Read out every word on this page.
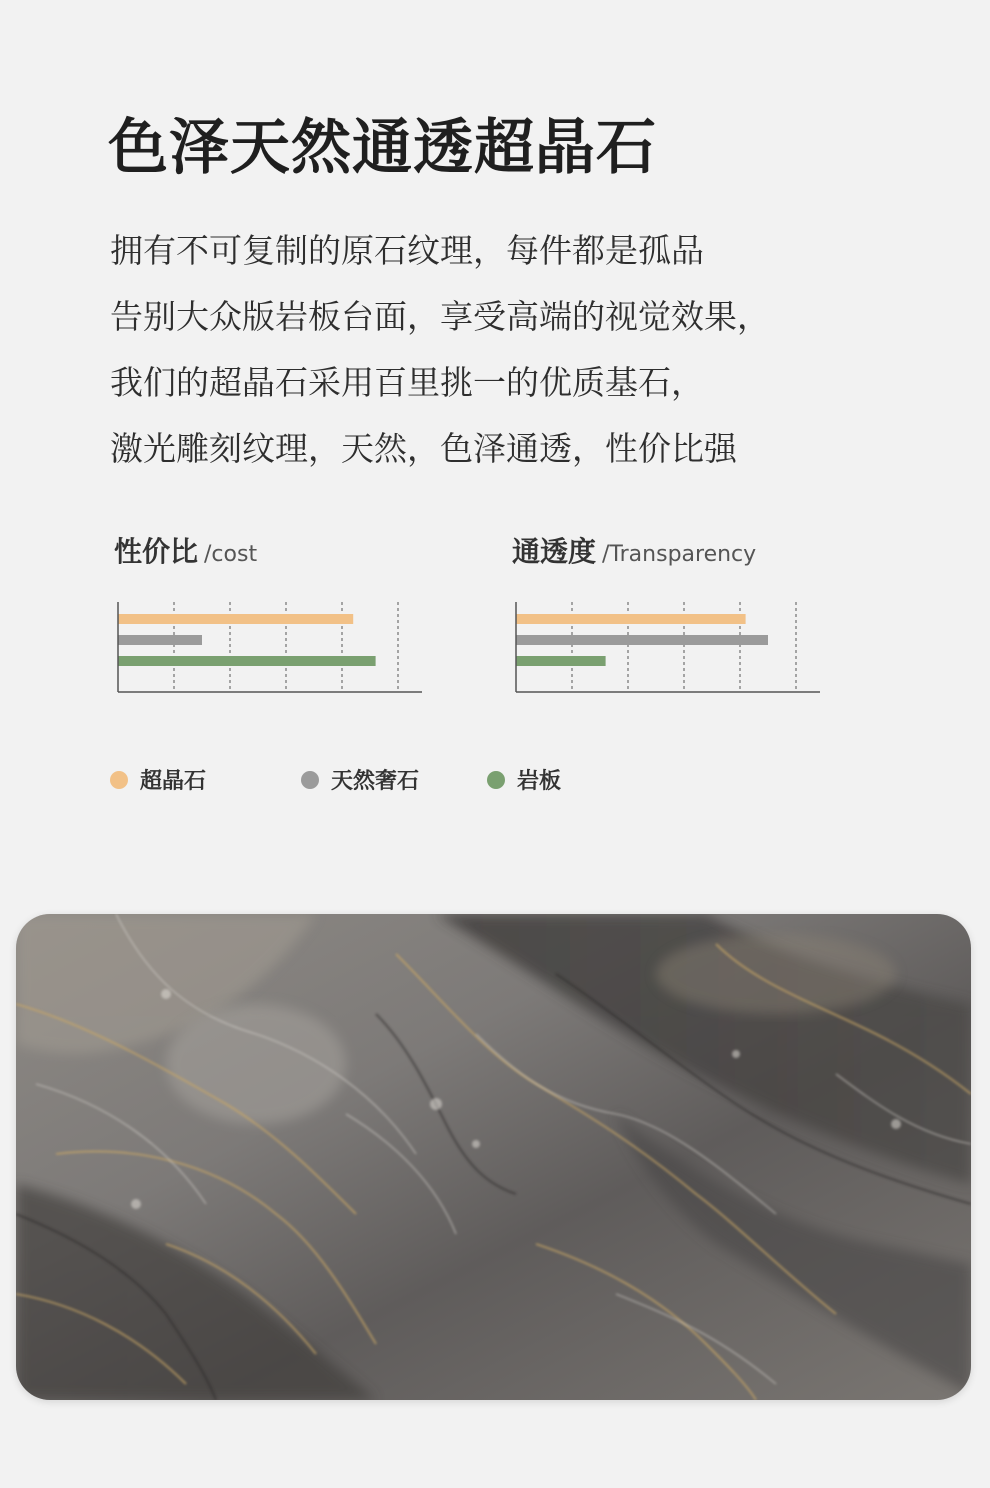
色泽天然通透超晶石
拥有不可复制的原石纹理，每件都是孤品
告别大众版岩板台面，享受高端的视觉效果，
我们的超晶石采用百里挑一的优质基石，
激光雕刻纹理，天然，色泽通透，性价比强
性价比 /cost	通透度 /Transparency
超晶石	天然奢石	岩板
